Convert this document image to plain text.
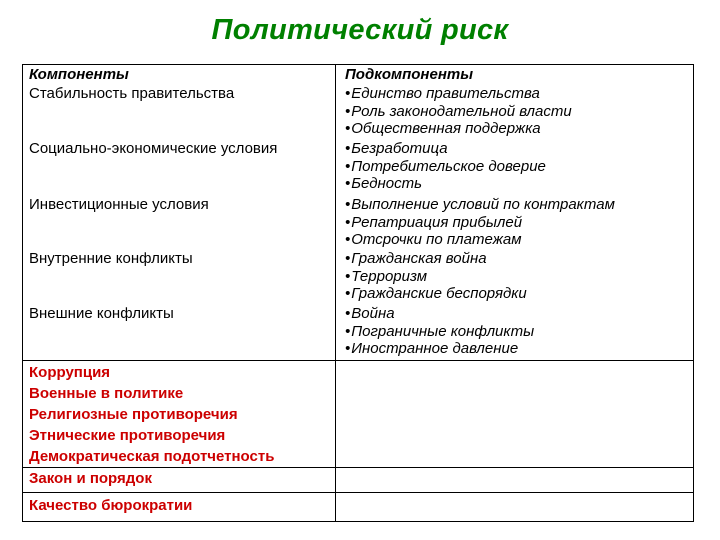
Политический риск
Компоненты	Подкомпоненты
Стабильность правительства	• Единство правительства
• Роль законодательной власти
• Общественная поддержка
Социально-экономические условия	• Безработица
• Потребительское доверие
• Бедность
Инвестиционные условия	• Выполнение условий по контрактам
• Репатриация прибылей
• Отсрочки по платежам
Внутренние конфликты	• Гражданская война
• Терроризм
• Гражданские беспорядки
Внешние конфликты	• Война
• Пограничные конфликты
• Иностранное давление
Коррупция
Военные в политике
Религиозные противоречия
Этнические противоречия
Демократическая подотчетность
Закон и порядок
Качество бюрократии
